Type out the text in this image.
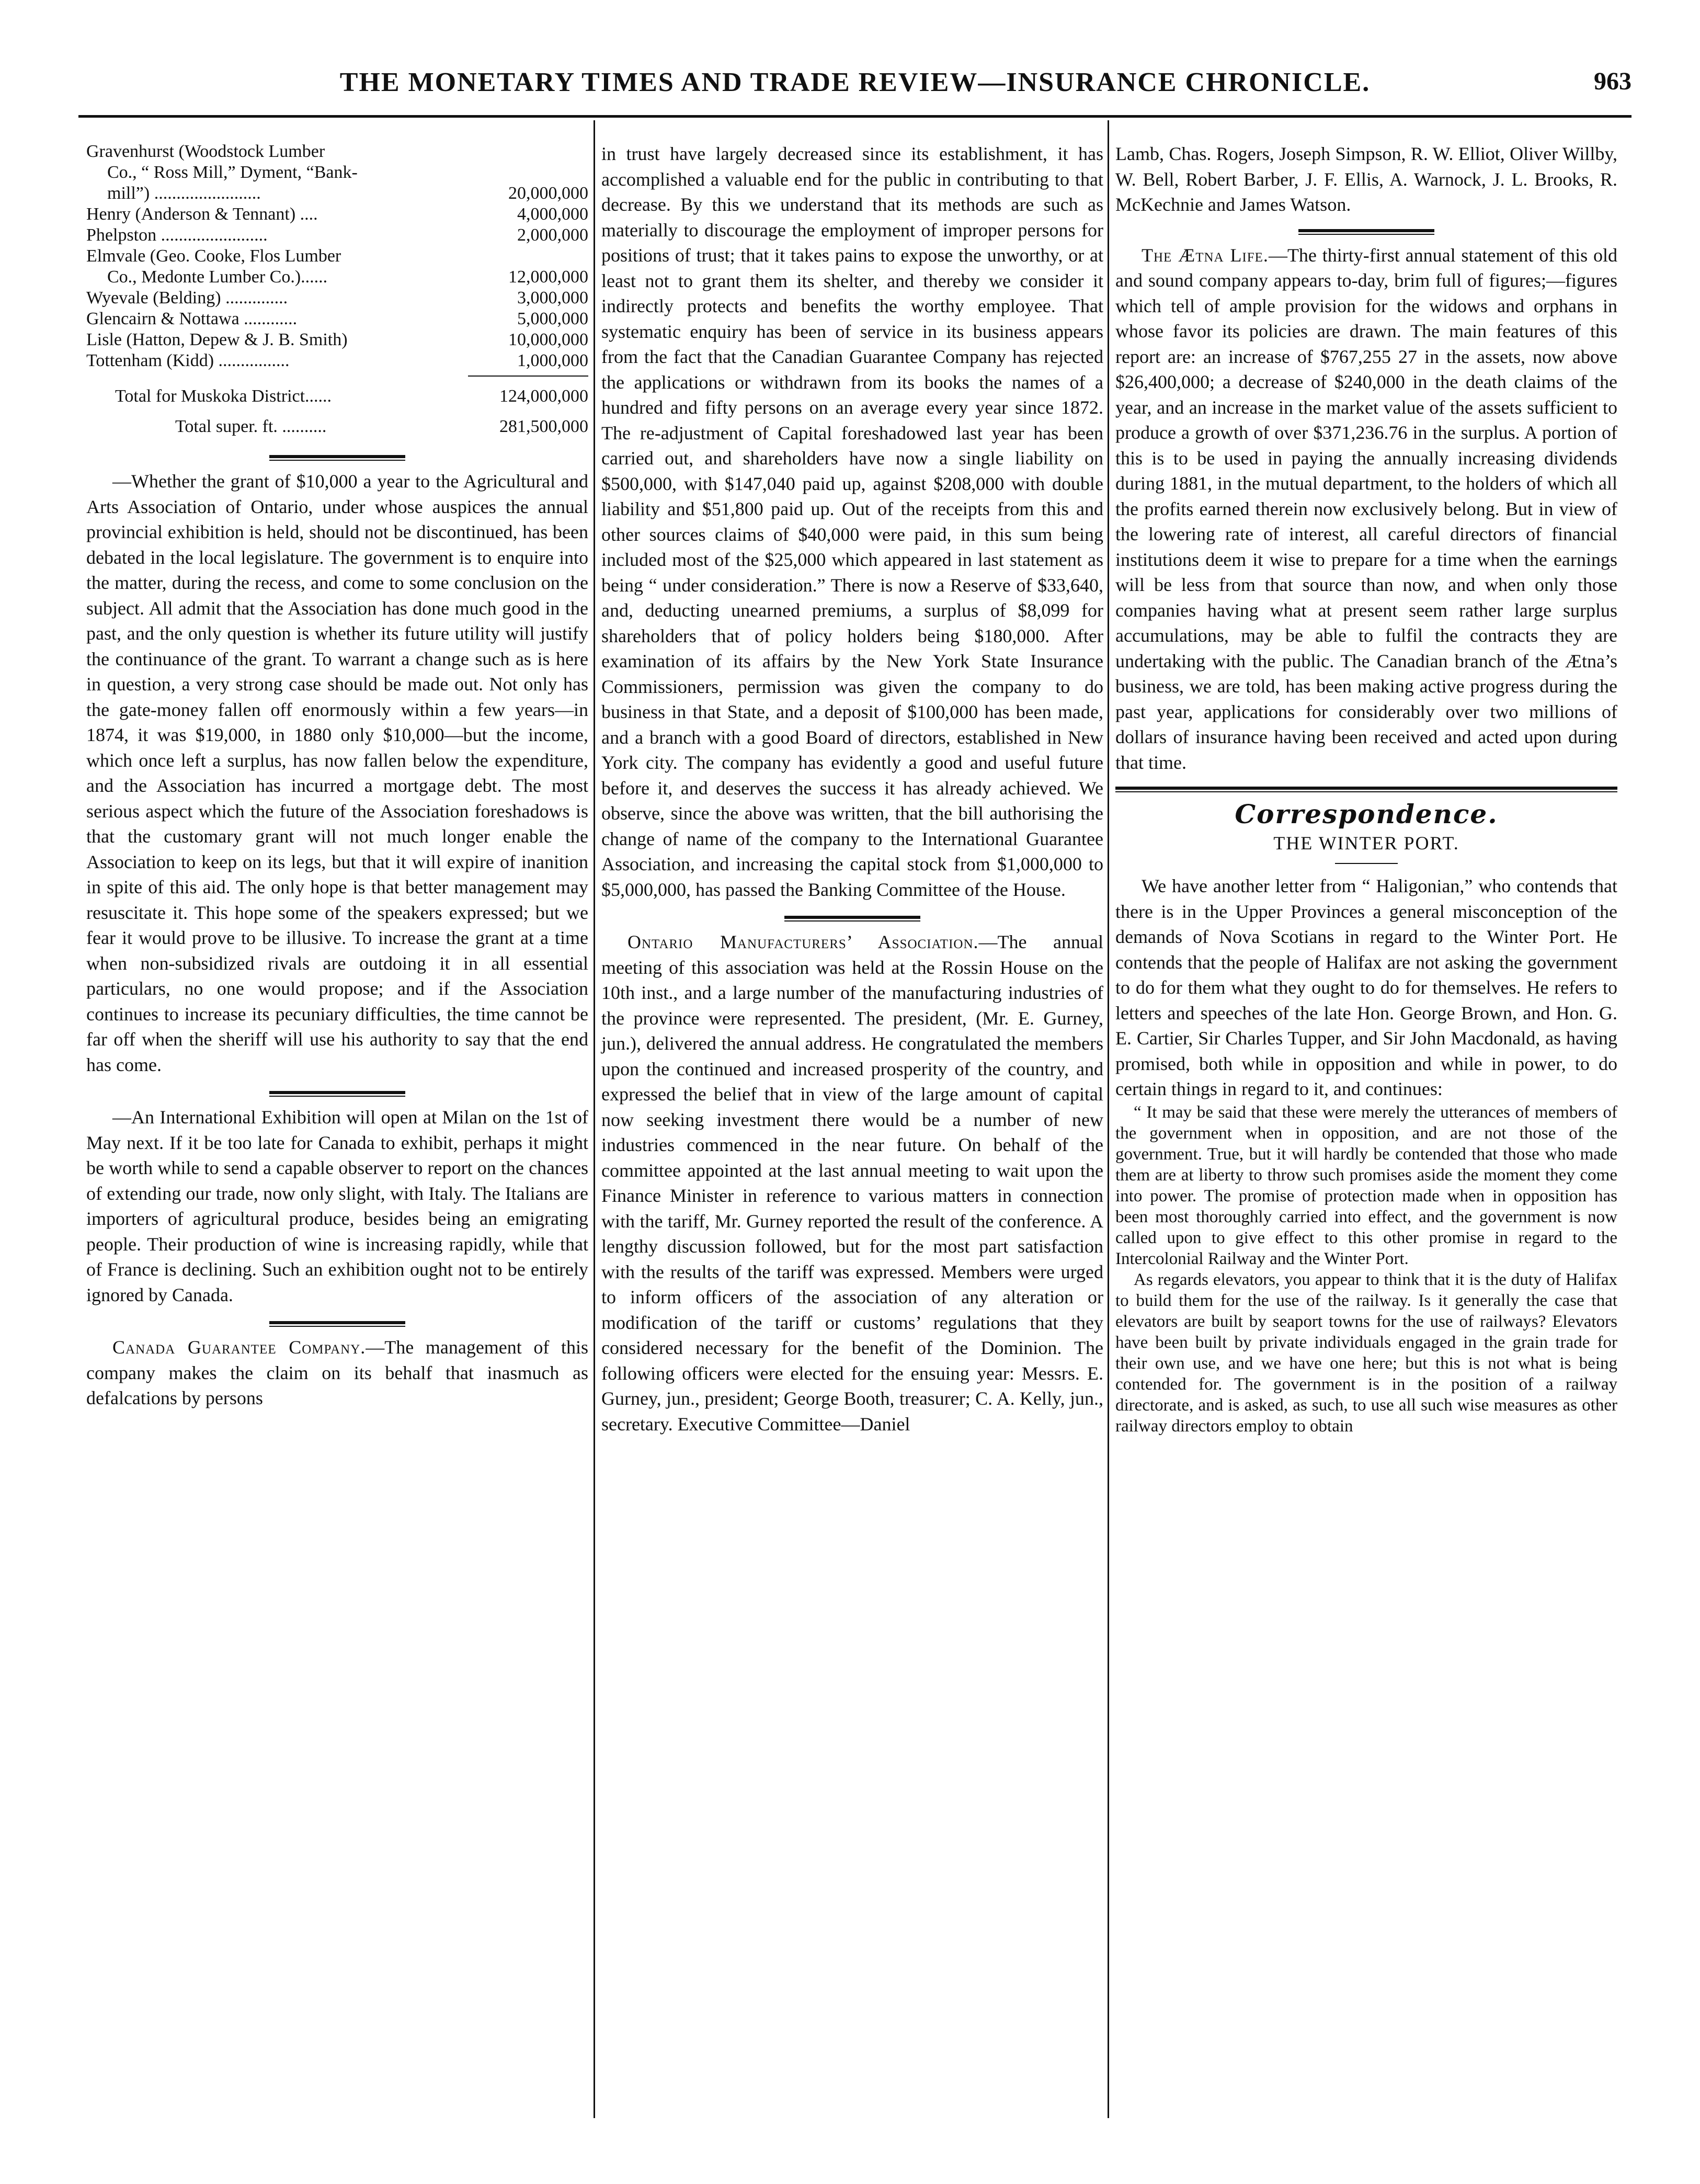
THE MONETARY TIMES AND TRADE REVIEW—INSURANCE CHRONICLE.	963
Gravenhurst (Woodstock Lumber
Co., “ Ross Mill,” Dyment, “Bank-
mill”) ........................	20,000,000
Henry (Anderson & Tennant) ....	4,000,000
Phelpston ........................	2,000,000
Elmvale (Geo. Cooke, Flos Lumber
Co., Medonte Lumber Co.)......	12,000,000
Wyevale (Belding) ..............	3,000,000
Glencairn & Nottawa ............	5,000,000
Lisle (Hatton, Depew & J. B. Smith)	10,000,000
Tottenham (Kidd) ................	1,000,000
Total for Muskoka District......	124,000,000
Total super. ft. ..........	281,500,000

—Whether the grant of $10,000 a year to the Agricultural and Arts Association of Ontario, under whose auspices the annual provincial exhibition is held, should not be discontinued, has been debated in the local legislature. The government is to enquire into the matter, during the recess, and come to some conclusion on the subject. All admit that the Association has done much good in the past, and the only question is whether its future utility will justify the continuance of the grant. To warrant a change such as is here in question, a very strong case should be made out. Not only has the gate-money fallen off enormously within a few years—in 1874, it was $19,000, in 1880 only $10,000—but the income, which once left a surplus, has now fallen below the expenditure, and the Association has incurred a mortgage debt. The most serious aspect which the future of the Association foreshadows is that the customary grant will not much longer enable the Association to keep on its legs, but that it will expire of inanition in spite of this aid. The only hope is that better management may resuscitate it. This hope some of the speakers expressed; but we fear it would prove to be illusive. To increase the grant at a time when non-subsidized rivals are outdoing it in all essential particulars, no one would propose; and if the Association continues to increase its pecuniary difficulties, the time cannot be far off when the sheriff will use his authority to say that the end has come.

—An International Exhibition will open at Milan on the 1st of May next. If it be too late for Canada to exhibit, perhaps it might be worth while to send a capable observer to report on the chances of extending our trade, now only slight, with Italy. The Italians are importers of agricultural produce, besides being an emigrating people. Their production of wine is increasing rapidly, while that of France is declining. Such an exhibition ought not to be entirely ignored by Canada.

Canada Guarantee Company.—The management of this company makes the claim on its behalf that inasmuch as defalcations by persons

in trust have largely decreased since its establishment, it has accomplished a valuable end for the public in contributing to that decrease. By this we understand that its methods are such as materially to discourage the employment of improper persons for positions of trust; that it takes pains to expose the unworthy, or at least not to grant them its shelter, and thereby we consider it indirectly protects and benefits the worthy employee. That systematic enquiry has been of service in its business appears from the fact that the Canadian Guarantee Company has rejected the applications or withdrawn from its books the names of a hundred and fifty persons on an average every year since 1872. The re-adjustment of Capital foreshadowed last year has been carried out, and shareholders have now a single liability on $500,000, with $147,040 paid up, against $208,000 with double liability and $51,800 paid up. Out of the receipts from this and other sources claims of $40,000 were paid, in this sum being included most of the $25,000 which appeared in last statement as being “ under consideration.” There is now a Reserve of $33,640, and, deducting unearned premiums, a surplus of $8,099 for shareholders that of policy holders being $180,000. After examination of its affairs by the New York State Insurance Commissioners, permission was given the company to do business in that State, and a deposit of $100,000 has been made, and a branch with a good Board of directors, established in New York city. The company has evidently a good and useful future before it, and deserves the success it has already achieved. We observe, since the above was written, that the bill authorising the change of name of the company to the International Guarantee Association, and increasing the capital stock from $1,000,000 to $5,000,000, has passed the Banking Committee of the House.

Ontario Manufacturers’ Association.—The annual meeting of this association was held at the Rossin House on the 10th inst., and a large number of the manufacturing industries of the province were represented. The president, (Mr. E. Gurney, jun.), delivered the annual address. He congratulated the members upon the continued and increased prosperity of the country, and expressed the belief that in view of the large amount of capital now seeking investment there would be a number of new industries commenced in the near future. On behalf of the committee appointed at the last annual meeting to wait upon the Finance Minister in reference to various matters in connection with the tariff, Mr. Gurney reported the result of the conference. A lengthy discussion followed, but for the most part satisfaction with the results of the tariff was expressed. Members were urged to inform officers of the association of any alteration or modification of the tariff or customs’ regulations that they considered necessary for the benefit of the Dominion. The following officers were elected for the ensuing year: Messrs. E. Gurney, jun., president; George Booth, treasurer; C. A. Kelly, jun., secretary. Executive Committee—Daniel

Lamb, Chas. Rogers, Joseph Simpson, R. W. Elliot, Oliver Willby, W. Bell, Robert Barber, J. F. Ellis, A. Warnock, J. L. Brooks, R. McKechnie and James Watson.

The Ætna Life.—The thirty-first annual statement of this old and sound company appears to-day, brim full of figures;—figures which tell of ample provision for the widows and orphans in whose favor its policies are drawn. The main features of this report are: an increase of $767,255 27 in the assets, now above $26,400,000; a decrease of $240,000 in the death claims of the year, and an increase in the market value of the assets sufficient to produce a growth of over $371,236.76 in the surplus. A portion of this is to be used in paying the annually increasing dividends during 1881, in the mutual department, to the holders of which all the profits earned therein now exclusively belong. But in view of the lowering rate of interest, all careful directors of financial institutions deem it wise to prepare for a time when the earnings will be less from that source than now, and when only those companies having what at present seem rather large surplus accumulations, may be able to fulfil the contracts they are undertaking with the public. The Canadian branch of the Ætna’s business, we are told, has been making active progress during the past year, applications for considerably over two millions of dollars of insurance having been received and acted upon during that time.

Correspondence.
THE WINTER PORT.

We have another letter from “ Haligonian,” who contends that there is in the Upper Provinces a general misconception of the demands of Nova Scotians in regard to the Winter Port. He contends that the people of Halifax are not asking the government to do for them what they ought to do for themselves. He refers to letters and speeches of the late Hon. George Brown, and Hon. G. E. Cartier, Sir Charles Tupper, and Sir John Macdonald, as having promised, both while in opposition and while in power, to do certain things in regard to it, and continues:

“ It may be said that these were merely the utterances of members of the government when in opposition, and are not those of the government. True, but it will hardly be contended that those who made them are at liberty to throw such promises aside the moment they come into power. The promise of protection made when in opposition has been most thoroughly carried into effect, and the government is now called upon to give effect to this other promise in regard to the Intercolonial Railway and the Winter Port.

As regards elevators, you appear to think that it is the duty of Halifax to build them for the use of the railway. Is it generally the case that elevators are built by seaport towns for the use of railways? Elevators have been built by private individuals engaged in the grain trade for their own use, and we have one here; but this is not what is being contended for. The government is in the position of a railway directorate, and is asked, as such, to use all such wise measures as other railway directors employ to obtain
